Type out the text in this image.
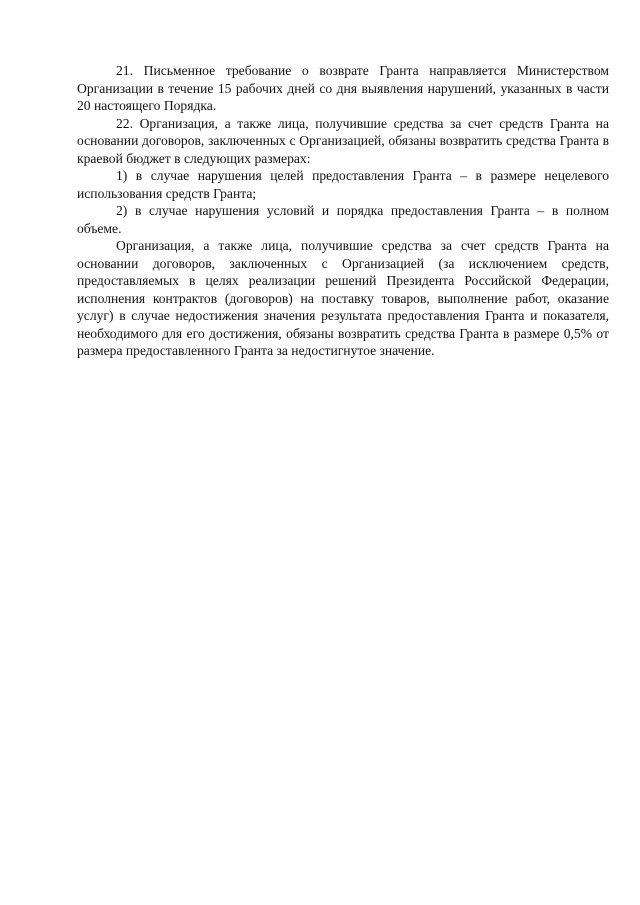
21. Письменное требование о возврате Гранта направляется Министерством Организации в течение 15 рабочих дней со дня выявления нарушений, указанных в части 20 настоящего Порядка.

22. Организация, а также лица, получившие средства за счет средств Гранта на основании договоров, заключенных с Организацией, обязаны возвратить средства Гранта в краевой бюджет в следующих размерах:

1) в случае нарушения целей предоставления Гранта – в размере нецелевого использования средств Гранта;

2) в случае нарушения условий и порядка предоставления Гранта – в полном объеме.

Организация, а также лица, получившие средства за счет средств Гранта на основании договоров, заключенных с Организацией (за исключением средств, предоставляемых в целях реализации решений Президента Российской Федерации, исполнения контрактов (договоров) на поставку товаров, выполнение работ, оказание услуг) в случае недостижения значения результата предоставления Гранта и показателя, необходимого для его достижения, обязаны возвратить средства Гранта в размере 0,5% от размера предоставленного Гранта за недостигнутое значение.
